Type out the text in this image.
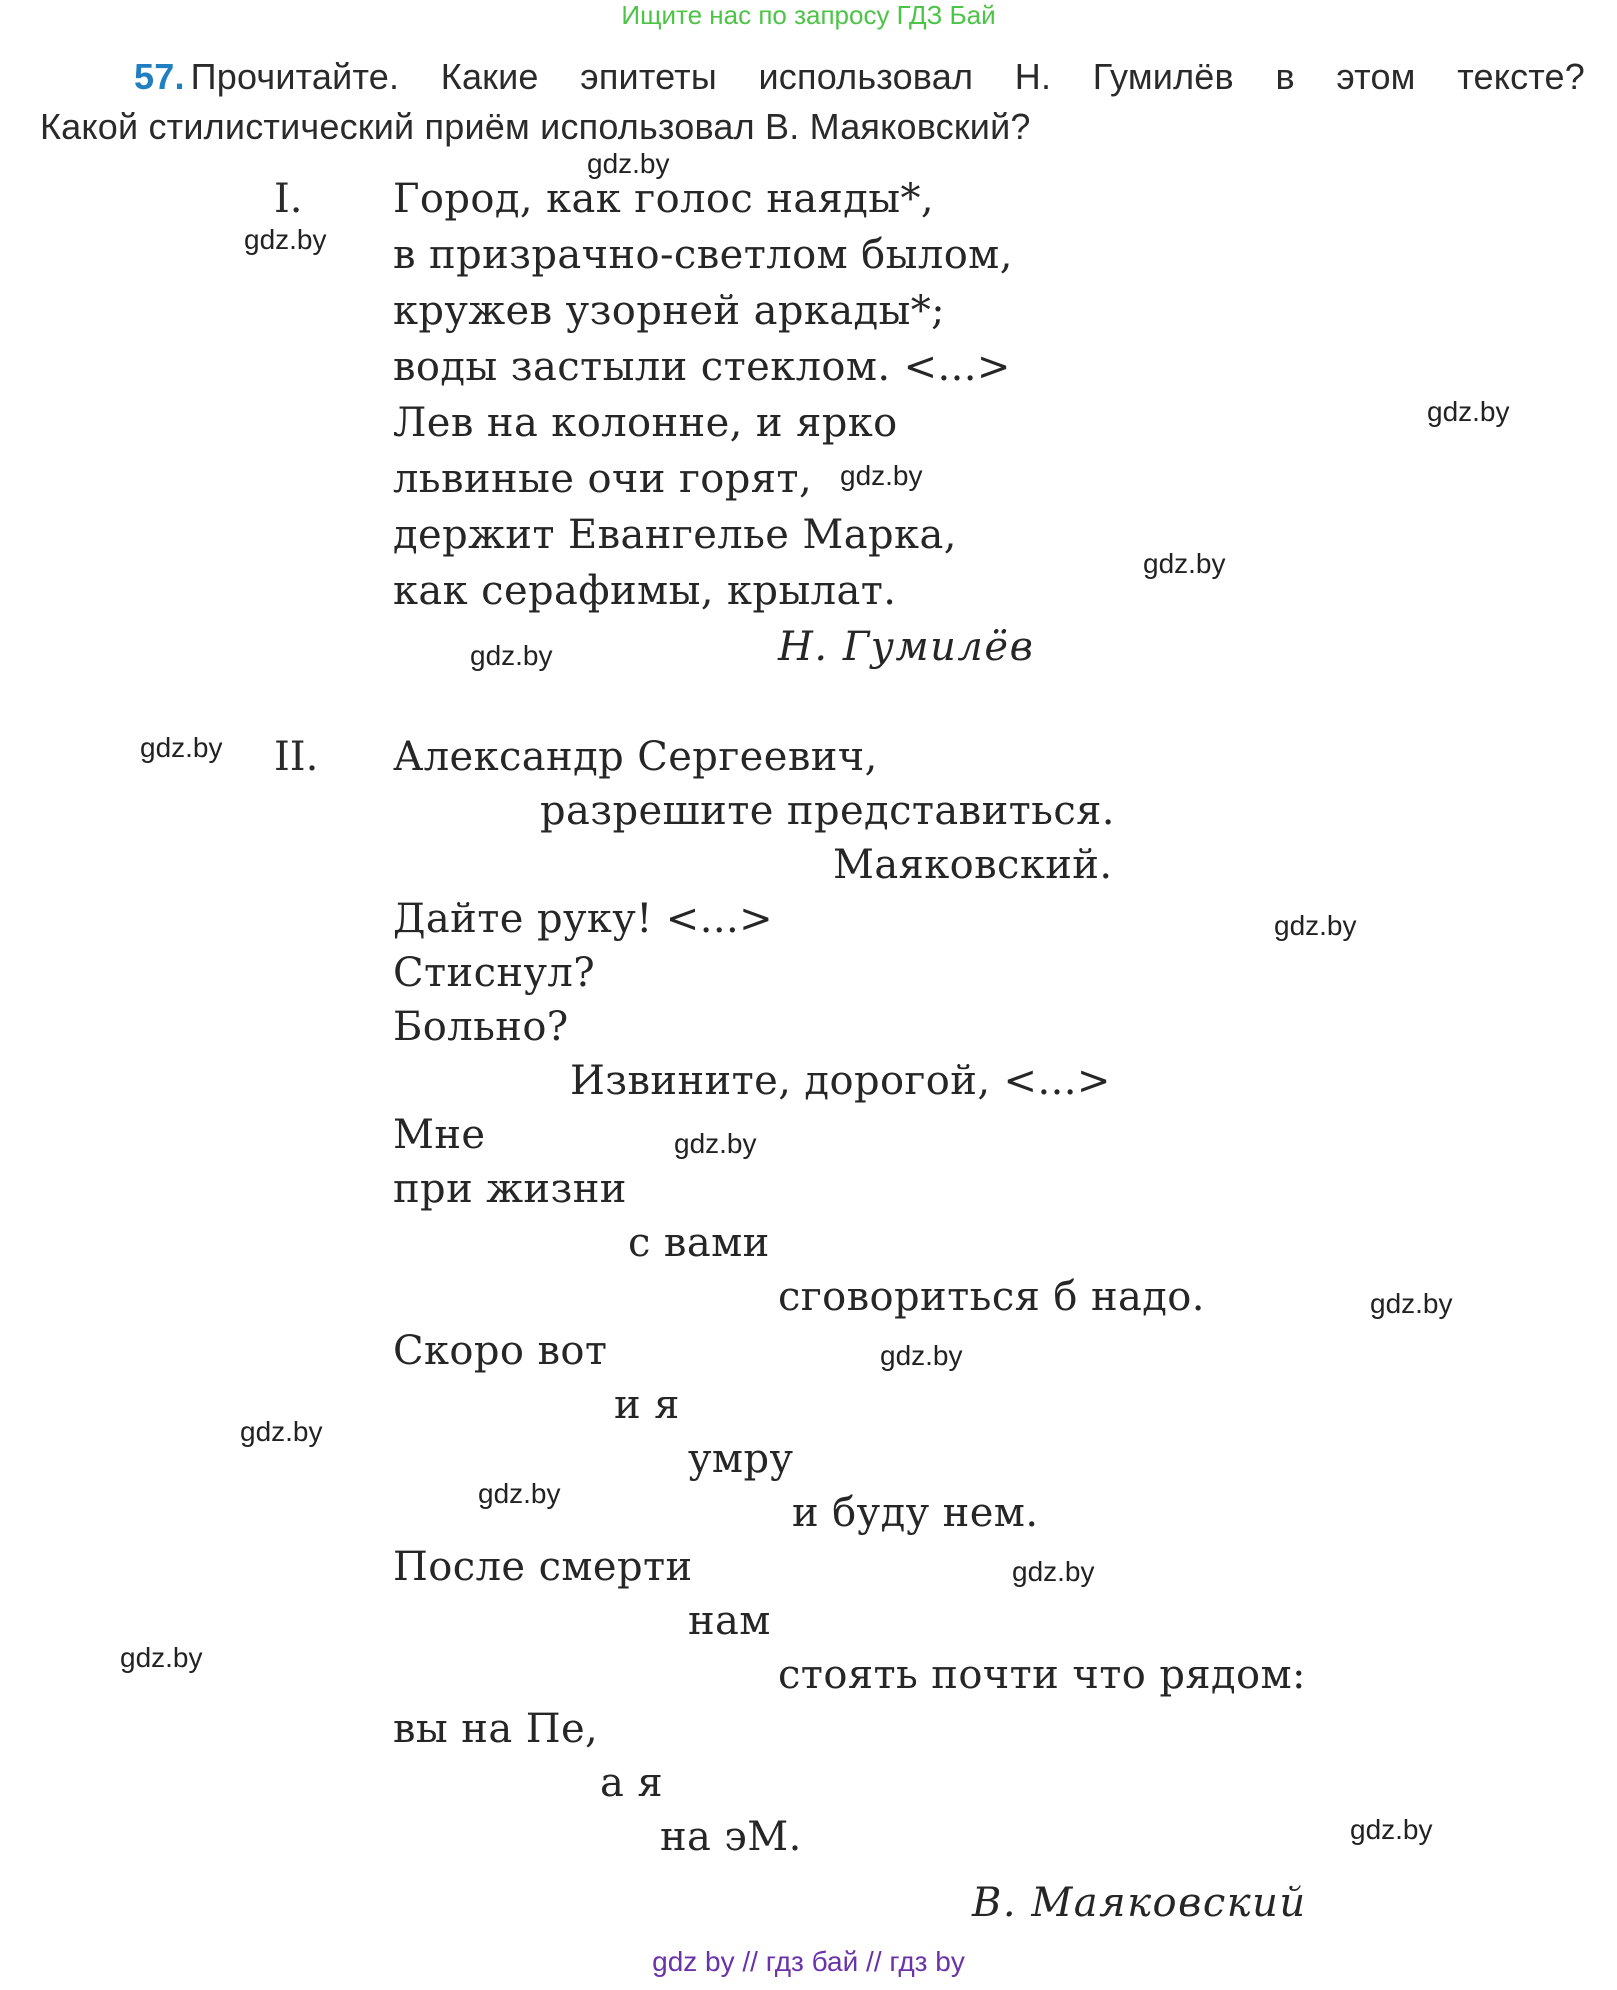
Ищите нас по запросу ГДЗ Бай
57. Прочитайте. Какие эпитеты использовал Н. Гумилёв в этом тексте?
Какой стилистический приём использовал В. Маяковский?
I. Город, как голос наяды*,
в призрачно-светлом былом,
кружев узорней аркады*;
воды застыли стеклом. <...>
Лев на колонне, и ярко
львиные очи горят,
держит Евангелье Марка,
как серафимы, крылат.
Н. Гумилёв
II. Александр Сергеевич,
разрешите представиться.
Маяковский.
Дайте руку! <...>
Стиснул?
Больно?
Извините, дорогой, <...>
Мне
при жизни
с вами
сговориться б надо.
Скоро вот
и я
умру
и буду нем.
После смерти
нам
стоять почти что рядом:
вы на Пе,
а я
на эМ.
В. Маяковский
gdz.by
gdz.by
gdz.by
gdz.by
gdz.by
gdz.by
gdz.by
gdz.by
gdz.by
gdz.by
gdz.by
gdz.by
gdz.by
gdz.by
gdz.by
gdz.by
gdz by // гдз бай // гдз by
